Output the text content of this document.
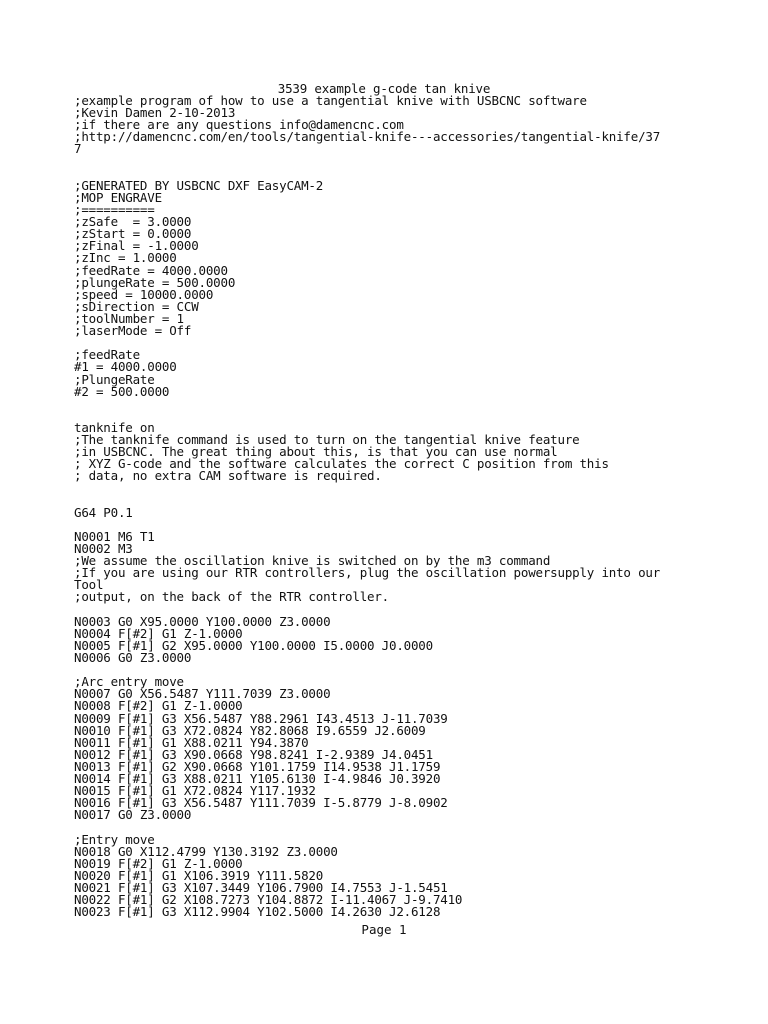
3539 example g-code tan knive
;example program of how to use a tangential knive with USBCNC software
;Kevin Damen 2-10-2013
;if there are any questions info@damencnc.com
;http://damencnc.com/en/tools/tangential-knife---accessories/tangential-knife/37
7
;GENERATED BY USBCNC DXF EasyCAM-2
;MOP ENGRAVE
;==========
;zSafe  = 3.0000
;zStart = 0.0000
;zFinal = -1.0000
;zInc = 1.0000
;feedRate = 4000.0000
;plungeRate = 500.0000
;speed = 10000.0000
;sDirection = CCW
;toolNumber = 1
;laserMode = Off
;feedRate
#1 = 4000.0000
;PlungeRate
#2 = 500.0000
tanknife on
;The tanknife command is used to turn on the tangential knive feature
;in USBCNC. The great thing about this, is that you can use normal
; XYZ G-code and the software calculates the correct C position from this
; data, no extra CAM software is required.
G64 P0.1
N0001 M6 T1
N0002 M3
;We assume the oscillation knive is switched on by the m3 command
;If you are using our RTR controllers, plug the oscillation powersupply into our
Tool
;output, on the back of the RTR controller.
N0003 G0 X95.0000 Y100.0000 Z3.0000
N0004 F[#2] G1 Z-1.0000
N0005 F[#1] G2 X95.0000 Y100.0000 I5.0000 J0.0000
N0006 G0 Z3.0000
;Arc entry move
N0007 G0 X56.5487 Y111.7039 Z3.0000
N0008 F[#2] G1 Z-1.0000
N0009 F[#1] G3 X56.5487 Y88.2961 I43.4513 J-11.7039
N0010 F[#1] G3 X72.0824 Y82.8068 I9.6559 J2.6009
N0011 F[#1] G1 X88.0211 Y94.3870
N0012 F[#1] G3 X90.0668 Y98.8241 I-2.9389 J4.0451
N0013 F[#1] G2 X90.0668 Y101.1759 I14.9538 J1.1759
N0014 F[#1] G3 X88.0211 Y105.6130 I-4.9846 J0.3920
N0015 F[#1] G1 X72.0824 Y117.1932
N0016 F[#1] G3 X56.5487 Y111.7039 I-5.8779 J-8.0902
N0017 G0 Z3.0000
;Entry move
N0018 G0 X112.4799 Y130.3192 Z3.0000
N0019 F[#2] G1 Z-1.0000
N0020 F[#1] G1 X106.3919 Y111.5820
N0021 F[#1] G3 X107.3449 Y106.7900 I4.7553 J-1.5451
N0022 F[#1] G2 X108.7273 Y104.8872 I-11.4067 J-9.7410
N0023 F[#1] G3 X112.9904 Y102.5000 I4.2630 J2.6128
Page 1
